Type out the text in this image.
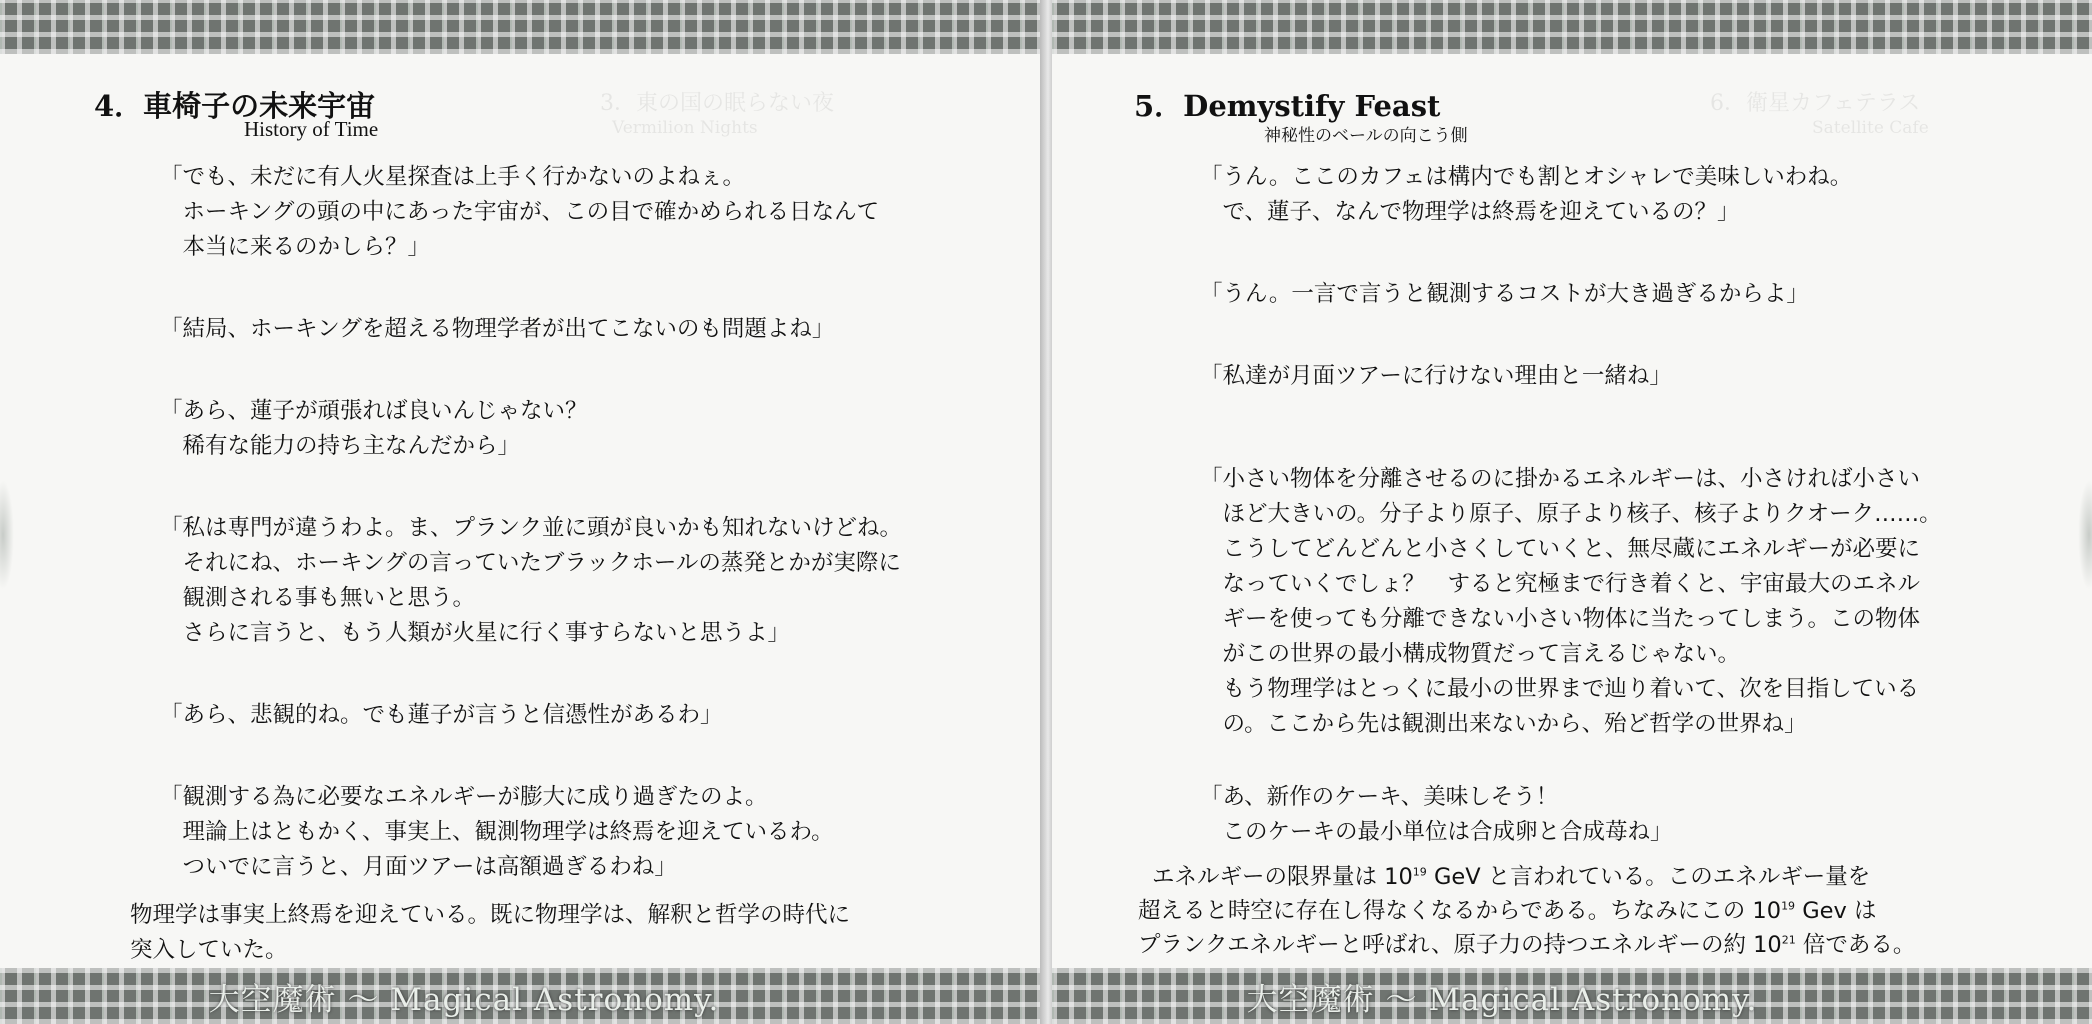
3．東の国の眠らない夜
Vermilion Nights
4．車椅子の未来宇宙
History of Time

「でも、未だに有人火星探査は上手く行かないのよねぇ。

　ホーキングの頭の中にあった宇宙が、この目で確かめられる日なんて

　本当に来るのかしら？」

「結局、ホーキングを超える物理学者が出てこないのも問題よね」

「あら、蓮子が頑張れば良いんじゃない？

　稀有な能力の持ち主なんだから」

「私は専門が違うわよ。ま、プランク並に頭が良いかも知れないけどね。

　それにね、ホーキングの言っていたブラックホールの蒸発とかが実際に

　観測される事も無いと思う。

　さらに言うと、もう人類が火星に行く事すらないと思うよ」

「あら、悲観的ね。でも蓮子が言うと信憑性があるわ」

「観測する為に必要なエネルギーが膨大に成り過ぎたのよ。

　理論上はともかく、事実上、観測物理学は終焉を迎えているわ。

　ついでに言うと、月面ツアーは高額過ぎるわね」

物理学は事実上終焉を迎えている。既に物理学は、解釈と哲学の時代に

突入していた。

大空魔術 ～ Magical Astronomy.
6．衛星カフェテラス
Satellite Cafe
5．Demystify Feast
神秘性のベールの向こう側

「うん。ここのカフェは構内でも割とオシャレで美味しいわね。

　で、蓮子、なんで物理学は終焉を迎えているの？」

「うん。一言で言うと観測するコストが大き過ぎるからよ」

「私達が月面ツアーに行けない理由と一緒ね」

「小さい物体を分離させるのに掛かるエネルギーは、小さければ小さい

　ほど大きいの。分子より原子、原子より核子、核子よりクオーク……。

　こうしてどんどんと小さくしていくと、無尽蔵にエネルギーが必要に

　なっていくでしょ？　すると究極まで行き着くと、宇宙最大のエネル

　ギーを使っても分離できない小さい物体に当たってしまう。この物体

　がこの世界の最小構成物質だって言えるじゃない。

　もう物理学はとっくに最小の世界まで辿り着いて、次を目指している

　の。ここから先は観測出来ないから、殆ど哲学の世界ね」

「あ、新作のケーキ、美味しそう！

　このケーキの最小単位は合成卵と合成苺ね」

エネルギーの限界量は $10^{19}$ GeV と言われている。このエネルギー量を

超えると時空に存在し得なくなるからである。ちなみにこの $10^{19}$ Gev は

プランクエネルギーと呼ばれ、原子力の持つエネルギーの約 $10^{21}$ 倍である。

大空魔術 ～ Magical Astronomy.
